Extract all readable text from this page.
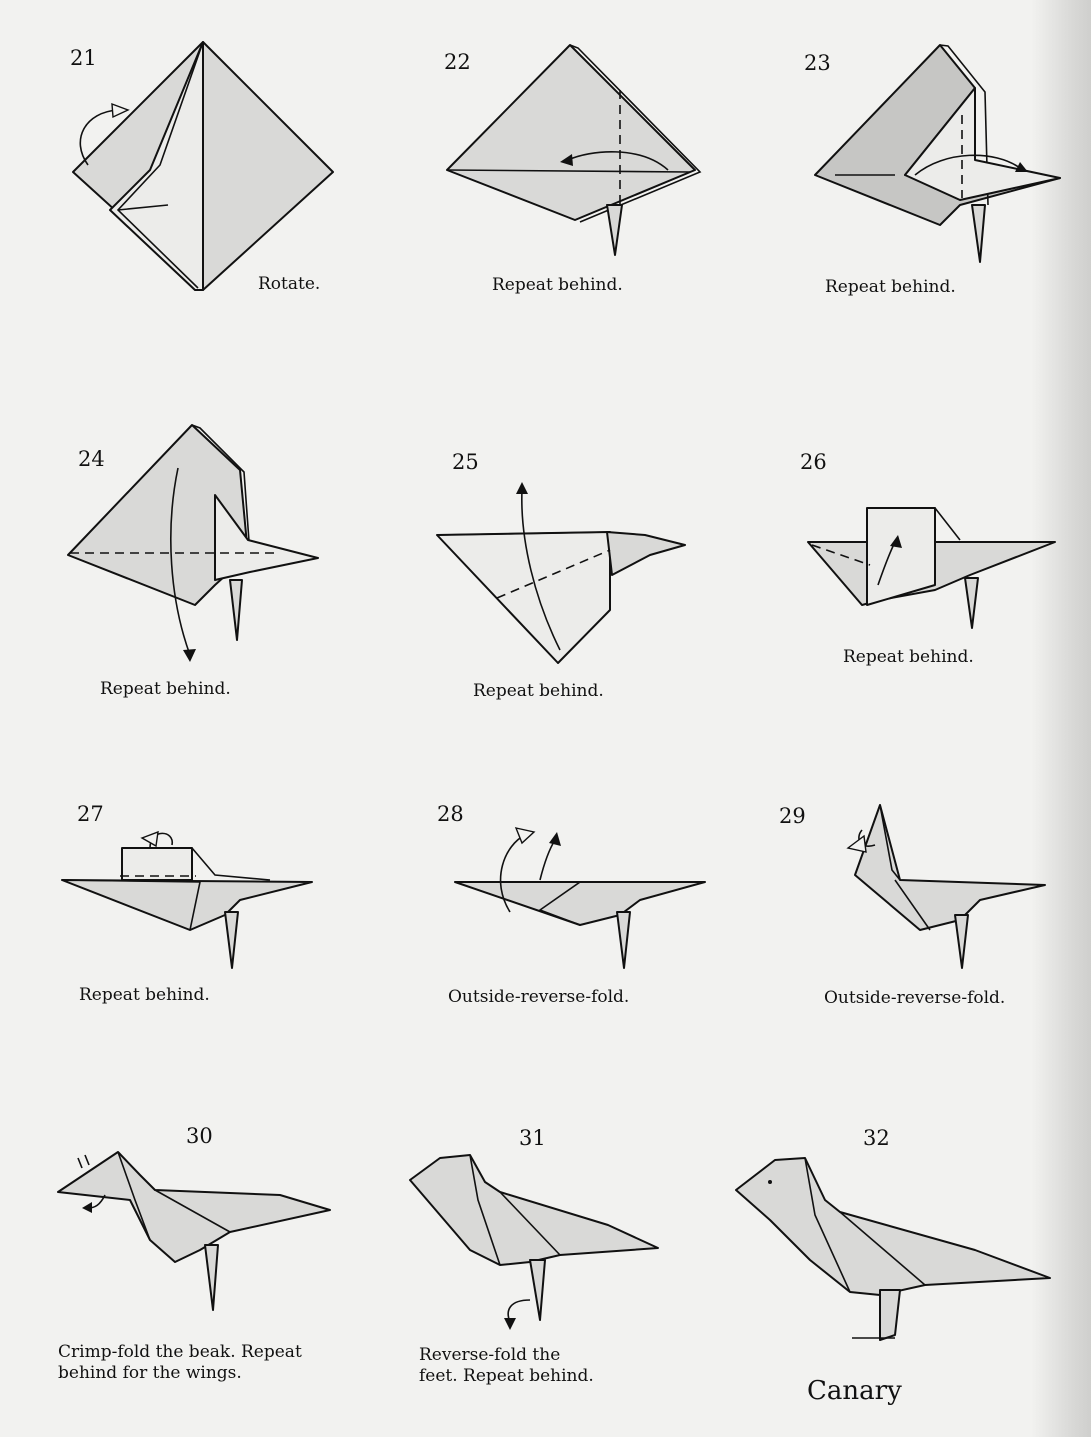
21
Rotate.
22
Repeat behind.
23
Repeat behind.
24
Repeat behind.
25
Repeat behind.
26
Repeat behind.
27
Repeat behind.
28
Outside-reverse-fold.
29
Outside-reverse-fold.
30
Crimp-fold the beak. Repeat
behind for the wings.
31
Reverse-fold the
feet. Repeat behind.
32
Canary
